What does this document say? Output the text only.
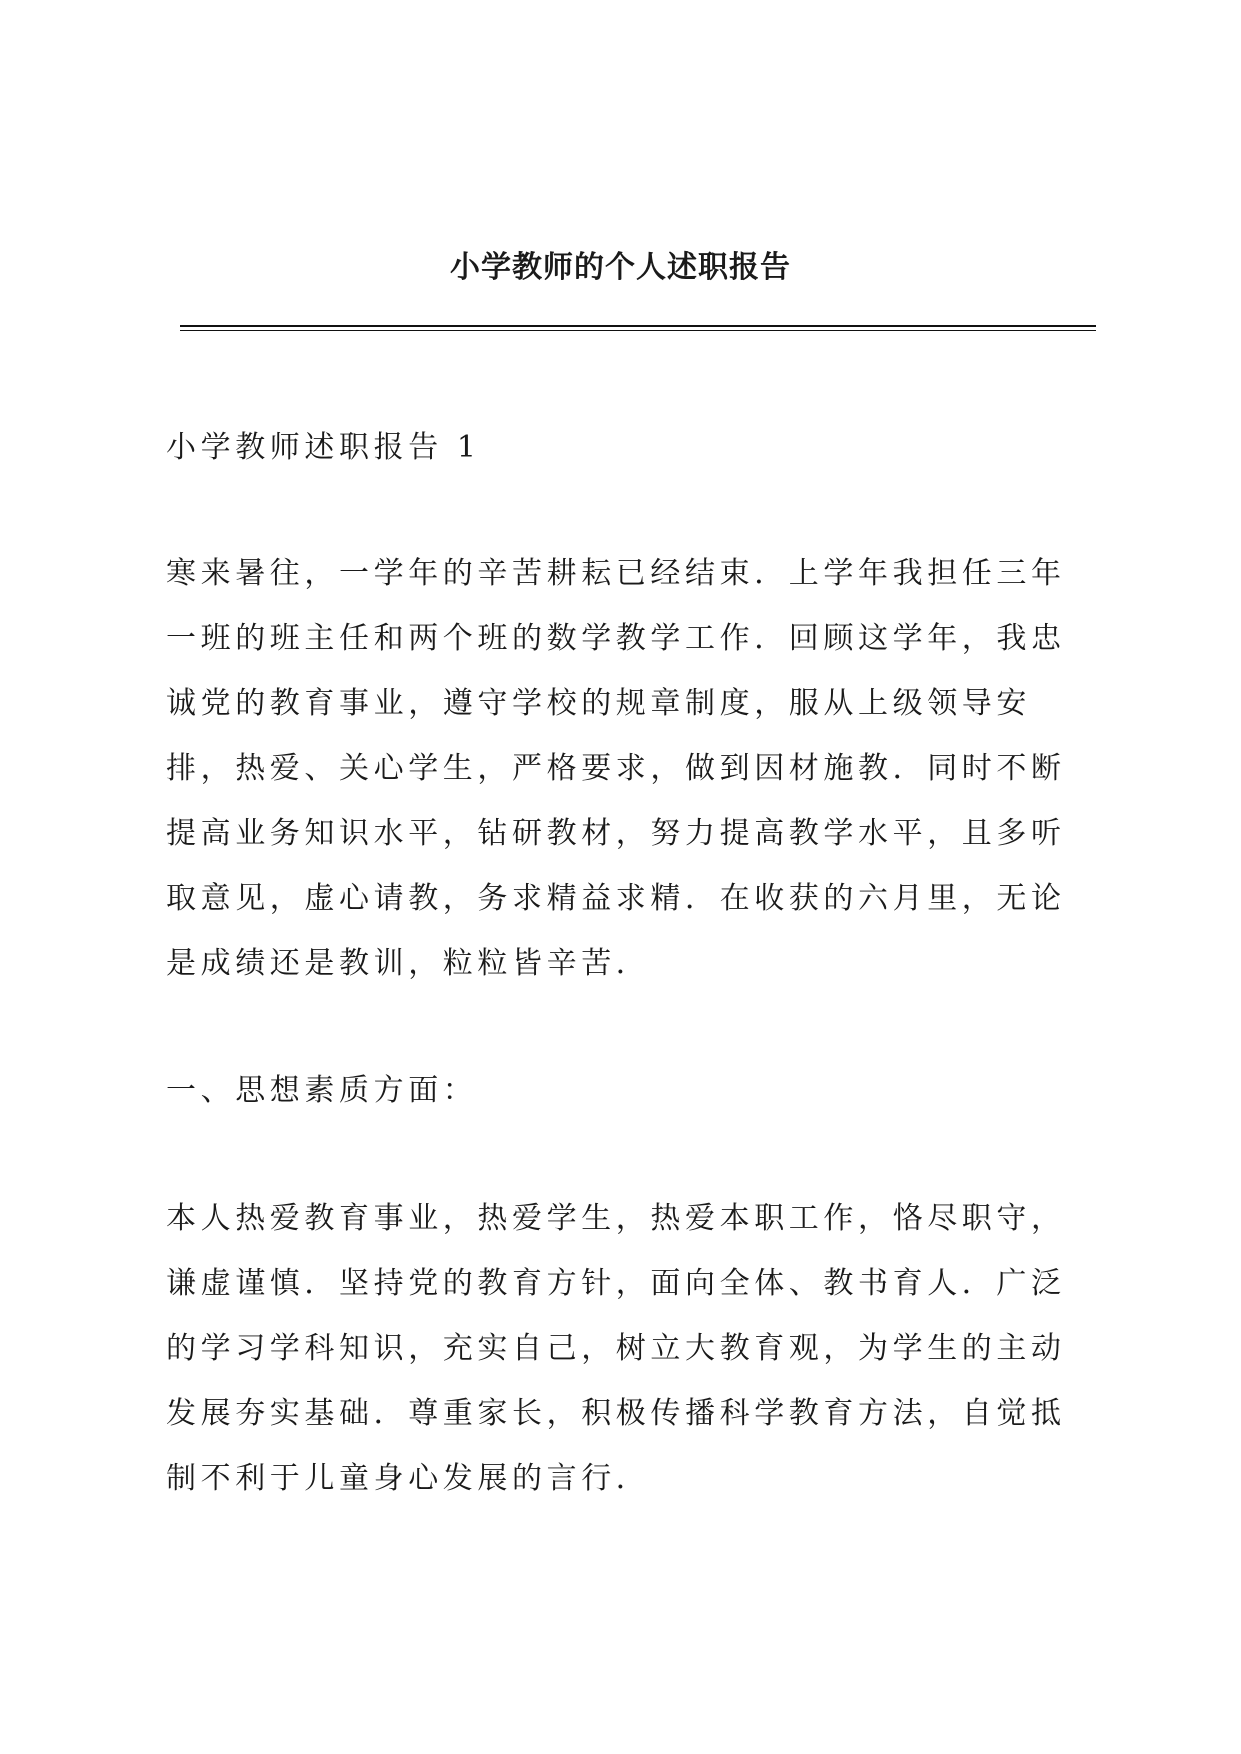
小学教师的个人述职报告

小学教师述职报告 1

寒来暑往，一学年的辛苦耕耘已经结束．上学年我担任三年一班的班主任和两个班的数学教学工作．回顾这学年，我忠诚党的教育事业，遵守学校的规章制度，服从上级领导安排，热爱、关心学生，严格要求，做到因材施教．同时不断提高业务知识水平，钻研教材，努力提高教学水平，且多听取意见，虚心请教，务求精益求精．在收获的六月里，无论是成绩还是教训，粒粒皆辛苦．

一、思想素质方面：

本人热爱教育事业，热爱学生，热爱本职工作，恪尽职守，谦虚谨慎．坚持党的教育方针，面向全体、教书育人．广泛的学习学科知识，充实自己，树立大教育观，为学生的主动发展夯实基础．尊重家长，积极传播科学教育方法，自觉抵制不利于儿童身心发展的言行．
